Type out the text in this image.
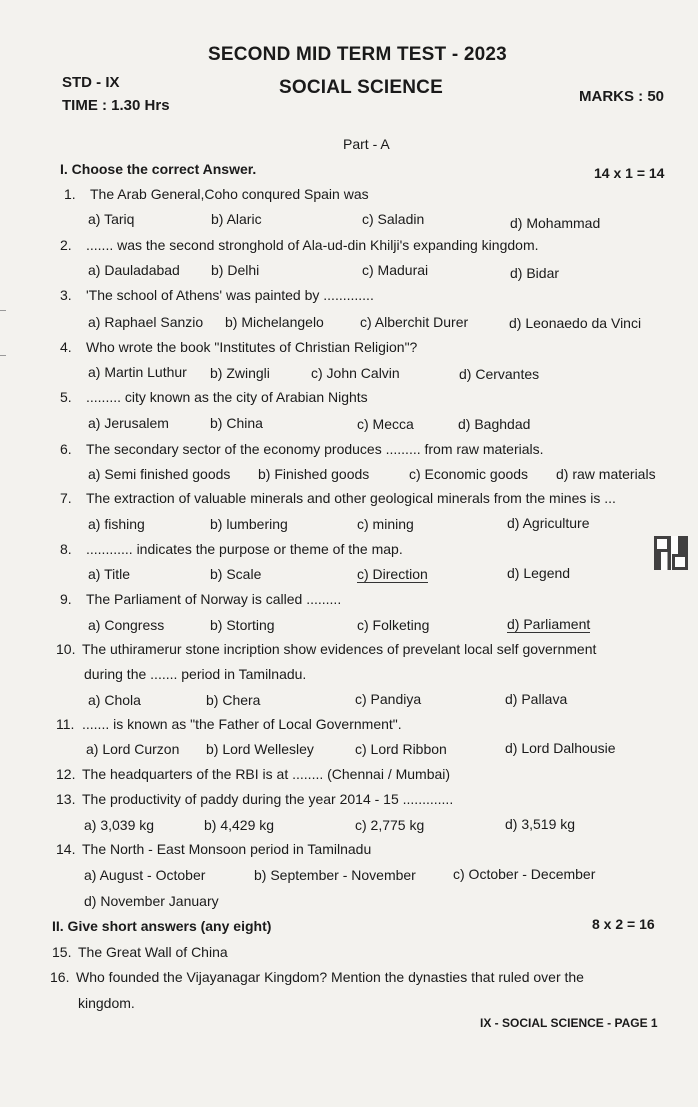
SECOND MID TERM TEST - 2023
STD - IX	SOCIAL SCIENCE
TIME : 1.30 Hrs
MARKS : 50
Part - A
I. Choose the correct Answer.	14 x 1 = 14
1. The Arab General,Coho conqured Spain was
a) Tariq	b) Alaric	c) Saladin	d) Mohammad
2. ....... was the second stronghold of Ala-ud-din Khilji's expanding kingdom.
a) Dauladabad b) Delhi	c) Madurai	d) Bidar
3. 'The school of Athens' was painted by .............
a) Raphael Sanzio b) Michelangelo	c) Alberchit Durer	d) Leonaedo da Vinci
4. Who wrote the book "Institutes of Christian Religion"?
a) Martin Luthur b) Zwingli	c) John Calvin	d) Cervantes
5. ......... city known as the city of Arabian Nights
a) Jerusalem	b) China	c) Mecca	d) Baghdad
6. The secondary sector of the economy produces ......... from raw materials.
a) Semi finished goods b) Finished goods	c) Economic goods d) raw materials
7. The extraction of valuable minerals and other geological minerals from the mines is ...
a) fishing	b) lumbering	c) mining	d) Agriculture
8. ............ indicates the purpose or theme of the map.
a) Title	b) Scale	c) Direction	d) Legend
9. The Parliament of Norway is called .........
a) Congress	b) Storting	c) Folketing	d) Parliament
10. The uthiramerur stone incription show evidences of prevelant local self government
during the ....... period in Tamilnadu.
a) Chola	b) Chera	c) Pandiya	d) Pallava
11. ....... is known as "the Father of Local Government".
a) Lord Curzon b) Lord Wellesley	c) Lord Ribbon	d) Lord Dalhousie
12. The headquarters of the RBI is at ........ (Chennai / Mumbai)
13. The productivity of paddy during the year 2014 - 15 .............
a) 3,039 kg	b) 4,429 kg	c) 2,775 kg	d) 3,519 kg
14. The North - East Monsoon period in Tamilnadu
a) August - October	b) September - November	c) October - December
d) November January
II. Give short answers (any eight)	8 x 2 = 16
15. The Great Wall of China
16. Who founded the Vijayanagar Kingdom? Mention the dynasties that ruled over the
kingdom.
IX - SOCIAL SCIENCE - PAGE 1
